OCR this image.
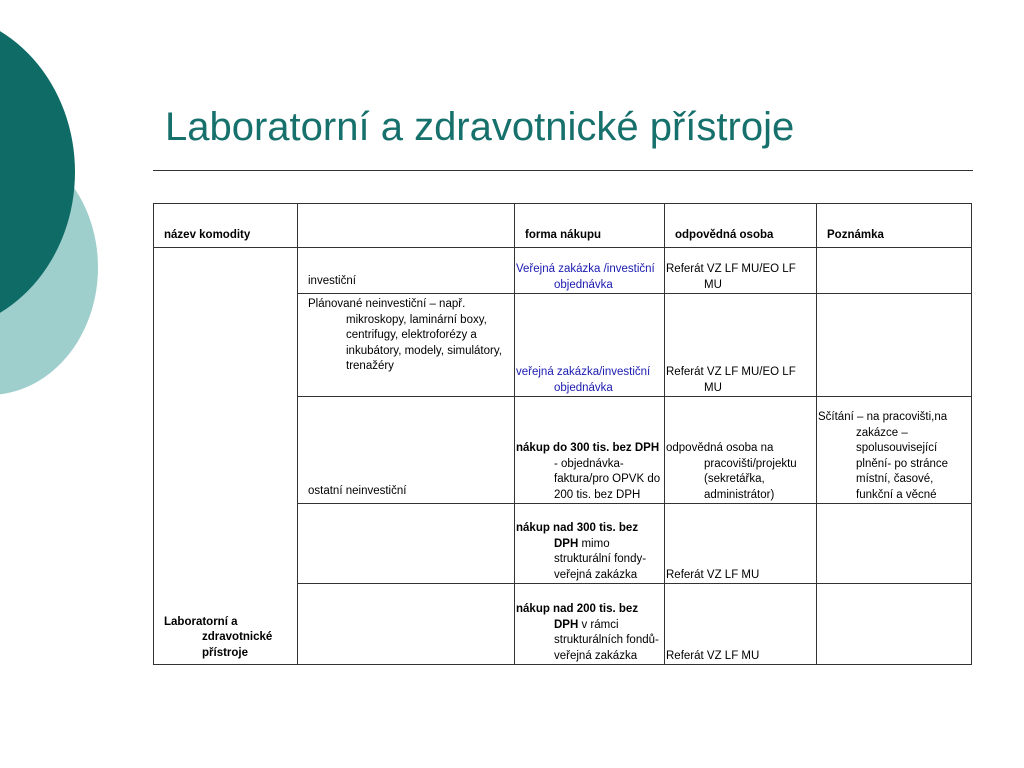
Laboratorní a zdravotnické přístroje
název komodity		forma nákupu	odpovědná osoba	Poznámka

Laboratorní a zdravotnické přístroje	investiční	Veřejná zakázka /investiční objednávka	Referát VZ LF MU/EO LF MU	

	Plánované neinvestiční – např. mikroskopy, laminární boxy, centrifugy, elektroforézy a inkubátory, modely, simulátory, trenažéry	veřejná zakázka/investiční objednávka	Referát VZ LF MU/EO LF MU	

	ostatní neinvestiční	nákup do 300 tis. bez DPH - objednávka- faktura/pro OPVK do 200 tis. bez DPH	odpovědná osoba na pracovišti/projektu (sekretářka, administrátor)	Sčítání – na pracovišti,na zakázce – spolusouvisející plnění- po stránce místní, časové, funkční a věcné

		nákup nad 300 tis. bez DPH mimo strukturální fondy- veřejná zakázka	Referát VZ LF MU	

		nákup nad 200 tis. bez DPH v rámci strukturálních fondů- veřejná zakázka	Referát VZ LF MU	
